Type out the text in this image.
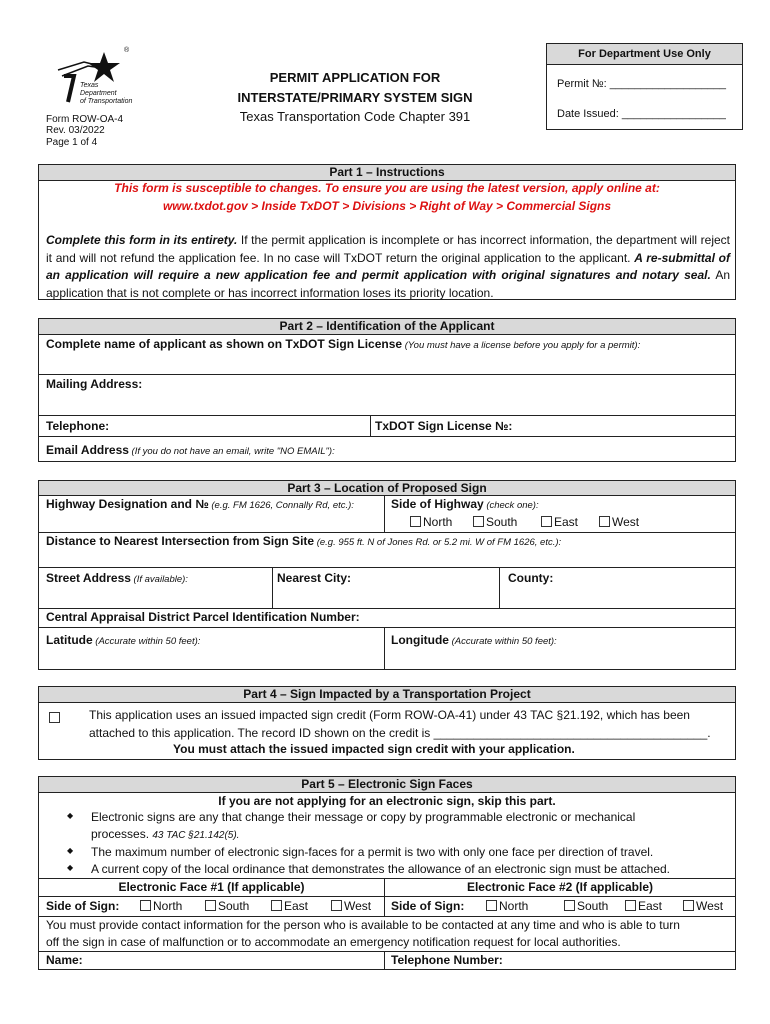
Texas
Department
of Transportation
®
Form ROW-OA-4
Rev. 03/2022
Page 1 of 4
PERMIT APPLICATION FOR
INTERSTATE/PRIMARY SYSTEM SIGN
Texas Transportation Code Chapter 391
For Department Use Only
Permit №: ___________________
Date Issued: _________________
Part 1 – Instructions
This form is susceptible to changes. To ensure you are using the latest version, apply online at:
www.txdot.gov > Inside TxDOT > Divisions > Right of Way > Commercial Signs

Complete this form in its entirety. If the permit application is incomplete or has incorrect information, the department will reject it and will not refund the application fee. In no case will TxDOT return the original application to the applicant. A re-submittal of an application will require a new application fee and permit application with original signatures and notary seal. An application that is not complete or has incorrect information loses its priority location.

Part 2 – Identification of the Applicant
Complete name of applicant as shown on TxDOT Sign License (You must have a license before you apply for a permit):
Mailing Address:
Telephone:	TxDOT Sign License №:
Email Address (If you do not have an email, write "NO EMAIL"):
Part 3 – Location of Proposed Sign
Highway Designation and № (e.g. FM 1626, Connally Rd, etc.):	Side of Highway (check one):
North	South	East	West
Distance to Nearest Intersection from Sign Site (e.g. 955 ft. N of Jones Rd. or 5.2 mi. W of FM 1626, etc.):
Street Address (If available):	Nearest City:	County:
Central Appraisal District Parcel Identification Number:
Latitude (Accurate within 50 feet):	Longitude (Accurate within 50 feet):
Part 4 – Sign Impacted by a Transportation Project
This application uses an issued impacted sign credit (Form ROW-OA-41) under 43 TAC §21.192, which has been
attached to this application. The record ID shown on the credit is _________________________________________.
You must attach the issued impacted sign credit with your application.
Part 5 – Electronic Sign Faces
If you are not applying for an electronic sign, skip this part.
◆ Electronic signs are any that change their message or copy by programmable electronic or mechanical
processes. 43 TAC §21.142(5).
◆ The maximum number of electronic sign-faces for a permit is two with only one face per direction of travel.
◆ A current copy of the local ordinance that demonstrates the allowance of an electronic sign must be attached.
Electronic Face #1 (If applicable)	Electronic Face #2 (If applicable)
Side of Sign:	North	South	East	West Side of Sign:	North	South	East	West
You must provide contact information for the person who is available to be contacted at any time and who is able to turn
off the sign in case of malfunction or to accommodate an emergency notification request for local authorities.
Name:	Telephone Number:
